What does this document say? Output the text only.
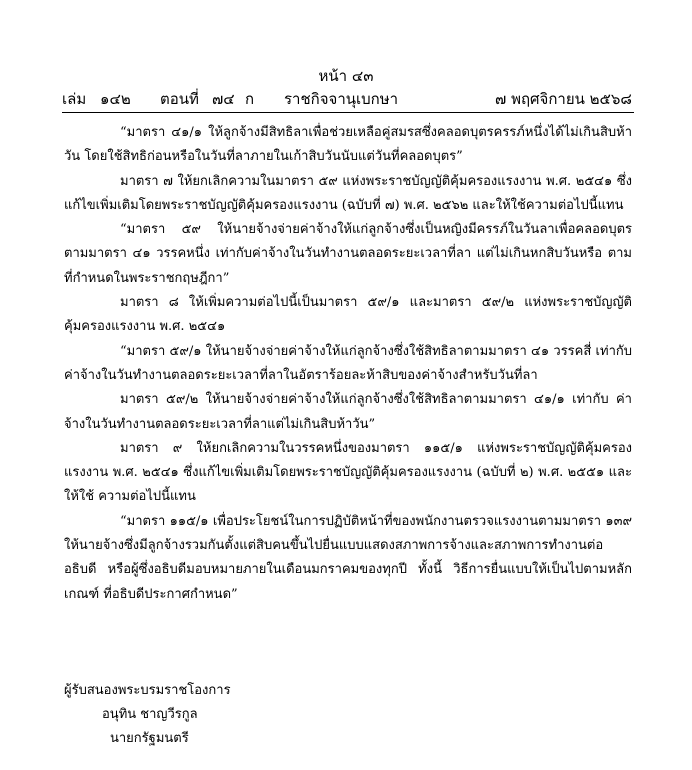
หน้า ๔๓
เล่ม ๑๔๒ ตอนที่ ๗๔ ก ราชกิจจานุเบกษา	๗ พฤศจิกายน ๒๕๖๘

“มาตรา ๔๑/๑ ให้ลูกจ้างมีสิทธิลาเพื่อช่วยเหลือคู่สมรสซึ่งคลอดบุตรครรภ์หนึ่งได้ไม่เกินสิบห้าวัน โดยใช้สิทธิก่อนหรือในวันที่ลาภายในเก้าสิบวันนับแต่วันที่คลอดบุตร”

มาตรา ๗ ให้ยกเลิกความในมาตรา ๕๙ แห่งพระราชบัญญัติคุ้มครองแรงงาน พ.ศ. ๒๕๔๑ ซึ่งแก้ไขเพิ่มเติมโดยพระราชบัญญัติคุ้มครองแรงงาน (ฉบับที่ ๗) พ.ศ. ๒๕๖๒ และให้ใช้ความต่อไปนี้แทน

“มาตรา ๕๙ ให้นายจ้างจ่ายค่าจ้างให้แก่ลูกจ้างซึ่งเป็นหญิงมีครรภ์ในวันลาเพื่อคลอดบุตร ตามมาตรา ๔๑ วรรคหนึ่ง เท่ากับค่าจ้างในวันทำงานตลอดระยะเวลาที่ลา แต่ไม่เกินหกสิบวันหรือ ตามที่กำหนดในพระราชกฤษฎีกา”

มาตรา ๘ ให้เพิ่มความต่อไปนี้เป็นมาตรา ๕๙/๑ และมาตรา ๕๙/๒ แห่งพระราชบัญญัติ คุ้มครองแรงงาน พ.ศ. ๒๕๔๑

“มาตรา ๕๙/๑ ให้นายจ้างจ่ายค่าจ้างให้แก่ลูกจ้างซึ่งใช้สิทธิลาตามมาตรา ๔๑ วรรคสี่ เท่ากับค่าจ้างในวันทำงานตลอดระยะเวลาที่ลาในอัตราร้อยละห้าสิบของค่าจ้างสำหรับวันที่ลา

มาตรา ๕๙/๒ ให้นายจ้างจ่ายค่าจ้างให้แก่ลูกจ้างซึ่งใช้สิทธิลาตามมาตรา ๔๑/๑ เท่ากับ ค่าจ้างในวันทำงานตลอดระยะเวลาที่ลาแต่ไม่เกินสิบห้าวัน”

มาตรา ๙ ให้ยกเลิกความในวรรคหนึ่งของมาตรา ๑๑๕/๑ แห่งพระราชบัญญัติคุ้มครองแรงงาน พ.ศ. ๒๕๔๑ ซึ่งแก้ไขเพิ่มเติมโดยพระราชบัญญัติคุ้มครองแรงงาน (ฉบับที่ ๒) พ.ศ. ๒๕๕๑ และให้ใช้ ความต่อไปนี้แทน

“มาตรา ๑๑๕/๑ เพื่อประโยชน์ในการปฏิบัติหน้าที่ของพนักงานตรวจแรงงานตามมาตรา ๑๓๙ ให้นายจ้างซึ่งมีลูกจ้างรวมกันตั้งแต่สิบคนขึ้นไปยื่นแบบแสดงสภาพการจ้างและสภาพการทำงานต่ออธิบดี หรือผู้ซึ่งอธิบดีมอบหมายภายในเดือนมกราคมของทุกปี ทั้งนี้ วิธีการยื่นแบบให้เป็นไปตามหลักเกณฑ์ ที่อธิบดีประกาศกำหนด”

ผู้รับสนองพระบรมราชโองการ
อนุทิน ชาญวีรกูล
นายกรัฐมนตรี
